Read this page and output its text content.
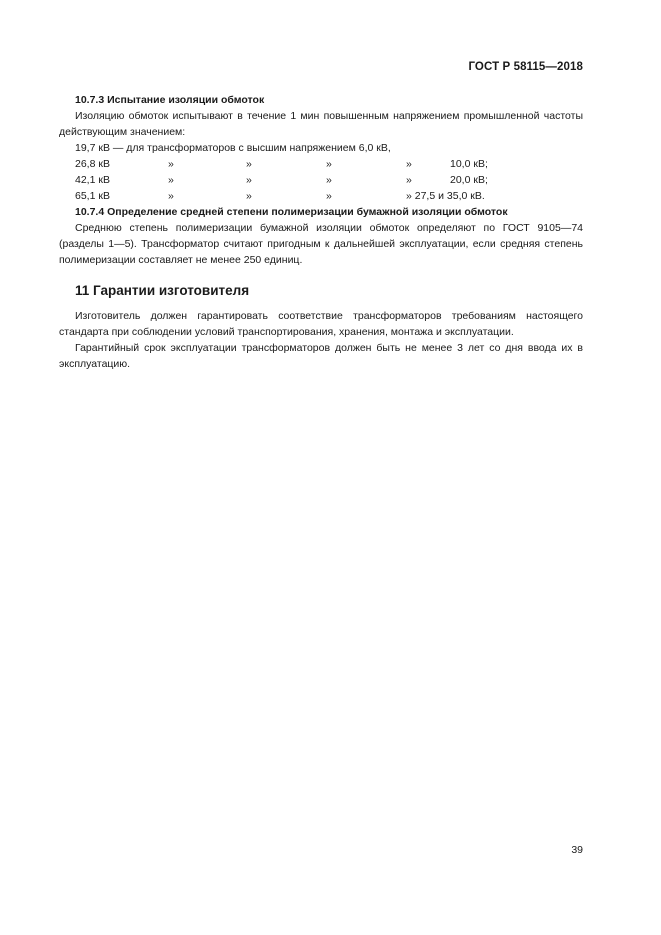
ГОСТ Р 58115—2018
10.7.3 Испытание изоляции обмоток
Изоляцию обмоток испытывают в течение 1 мин повышенным напряжением промышленной частоты действующим значением:
19,7 кВ — для трансформаторов с высшим напряжением 6,0 кВ,
26,8 кВ	»	»	»	»	10,0 кВ;
42,1 кВ	»	»	»	»	20,0 кВ;
65,1 кВ	»	»	»	» 27,5 и 35,0 кВ.
10.7.4 Определение средней степени полимеризации бумажной изоляции обмоток
Среднюю степень полимеризации бумажной изоляции обмоток определяют по ГОСТ 9105—74 (разделы 1—5). Трансформатор считают пригодным к дальнейшей эксплуатации, если средняя степень полимеризации составляет не менее 250 единиц.
11 Гарантии изготовителя
Изготовитель должен гарантировать соответствие трансформаторов требованиям настоящего стандарта при соблюдении условий транспортирования, хранения, монтажа и эксплуатации.
Гарантийный срок эксплуатации трансформаторов должен быть не менее 3 лет со дня ввода их в эксплуатацию.
39
